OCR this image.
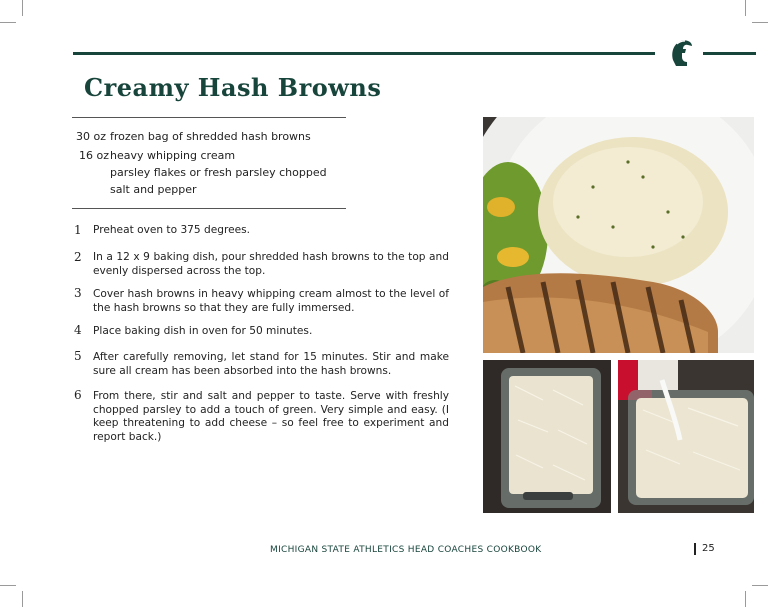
Creamy Hash Browns
30 oz frozen bag of shredded hash browns
16 ozheavy whipping cream
parsley flakes or fresh parsley chopped
salt and pepper
1 Preheat oven to 375 degrees.
2 In a 12 x 9 baking dish, pour shredded hash browns to the top and evenly dispersed across the top.
3 Cover hash browns in heavy whipping cream almost to the level of the hash browns so that they are fully immersed.
4 Place baking dish in oven for 50 minutes.
5 After carefully removing, let stand for 15 minutes. Stir and make sure all cream has been absorbed into the hash browns.
6 From there, stir and salt and pepper to taste. Serve with freshly chopped parsley to add a touch of green. Very simple and easy. (I keep threatening to add cheese – so feel free to experiment and report back.)
MICHIGAN STATE ATHLETICS HEAD COACHES COOKBOOK	25
